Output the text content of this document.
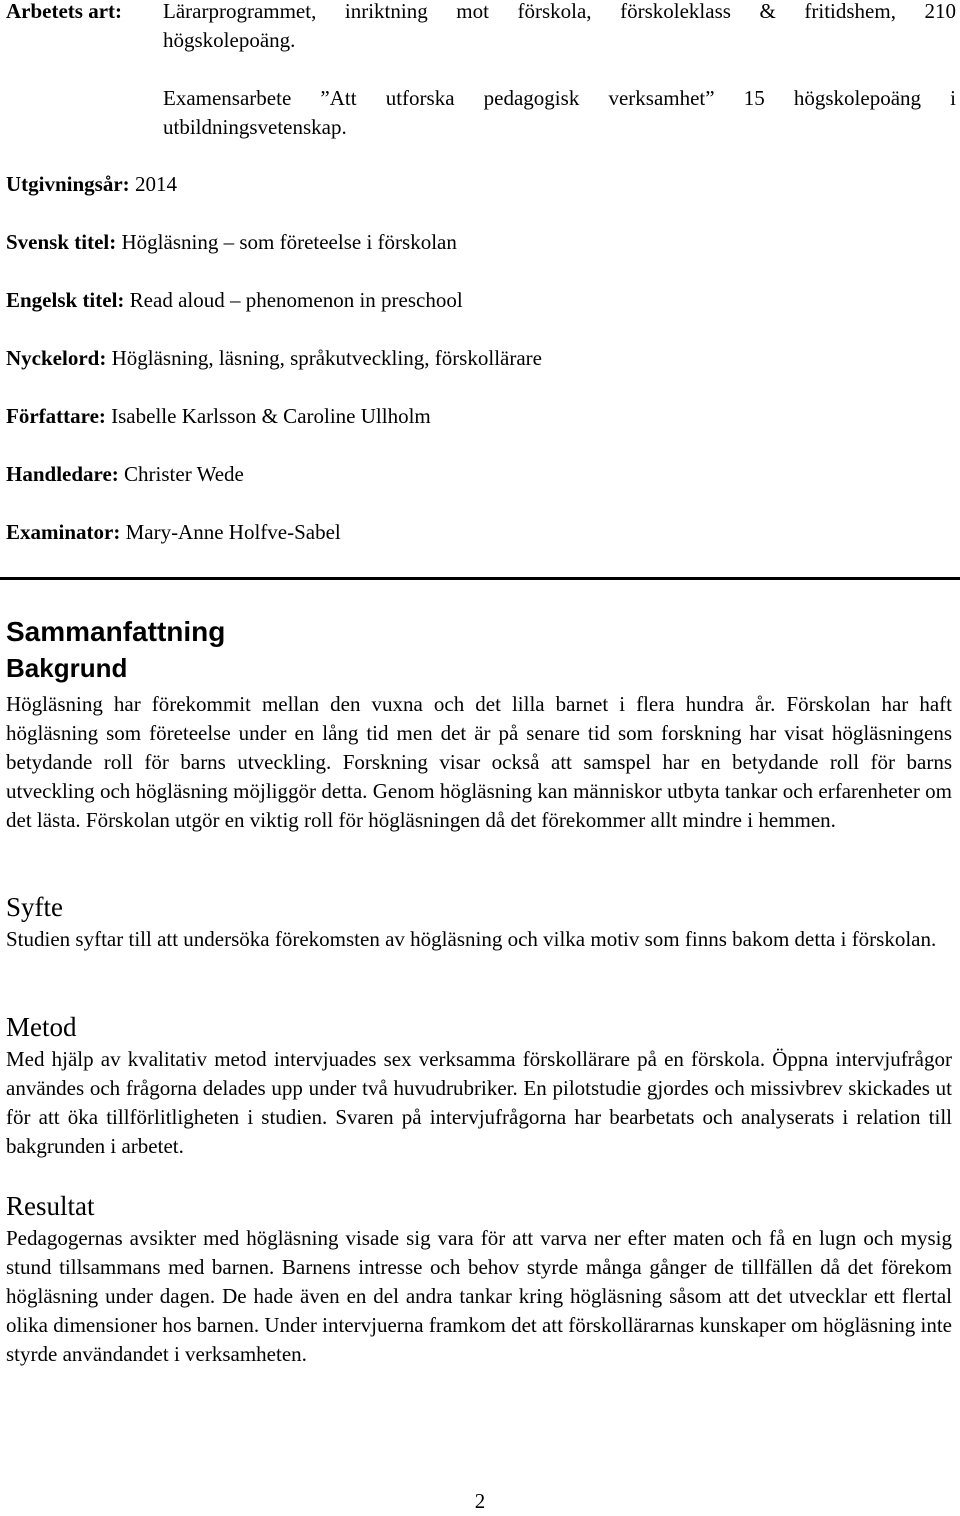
Arbetets art: Lärarprogrammet, inriktning mot förskola, förskoleklass & fritidshem, 210
högskolepoäng.
Examensarbete ”Att utforska pedagogisk verksamhet” 15 högskolepoäng i
utbildningsvetenskap.
Utgivningsår: 2014
Svensk titel: Högläsning – som företeelse i förskolan
Engelsk titel: Read aloud – phenomenon in preschool
Nyckelord: Högläsning, läsning, språkutveckling, förskollärare
Författare: Isabelle Karlsson & Caroline Ullholm
Handledare: Christer Wede
Examinator: Mary-Anne Holfve-Sabel
Sammanfattning
Bakgrund
Högläsning har förekommit mellan den vuxna och det lilla barnet i flera hundra år. Förskolan har haft högläsning som företeelse under en lång tid men det är på senare tid som forskning har visat högläsningens betydande roll för barns utveckling. Forskning visar också att samspel har en betydande roll för barns utveckling och högläsning möjliggör detta. Genom högläsning kan människor utbyta tankar och erfarenheter om det lästa. Förskolan utgör en viktig roll för högläsningen då det förekommer allt mindre i hemmen.
Syfte
Studien syftar till att undersöka förekomsten av högläsning och vilka motiv som finns bakom detta i förskolan.
Metod
Med hjälp av kvalitativ metod intervjuades sex verksamma förskollärare på en förskola. Öppna intervjufrågor användes och frågorna delades upp under två huvudrubriker. En pilotstudie gjordes och missivbrev skickades ut för att öka tillförlitligheten i studien. Svaren på intervjufrågorna har bearbetats och analyserats i relation till bakgrunden i arbetet.
Resultat
Pedagogernas avsikter med högläsning visade sig vara för att varva ner efter maten och få en lugn och mysig stund tillsammans med barnen. Barnens intresse och behov styrde många gånger de tillfällen då det förekom högläsning under dagen. De hade även en del andra tankar kring högläsning såsom att det utvecklar ett flertal olika dimensioner hos barnen. Under intervjuerna framkom det att förskollärarnas kunskaper om högläsning inte styrde användandet i verksamheten.
2
